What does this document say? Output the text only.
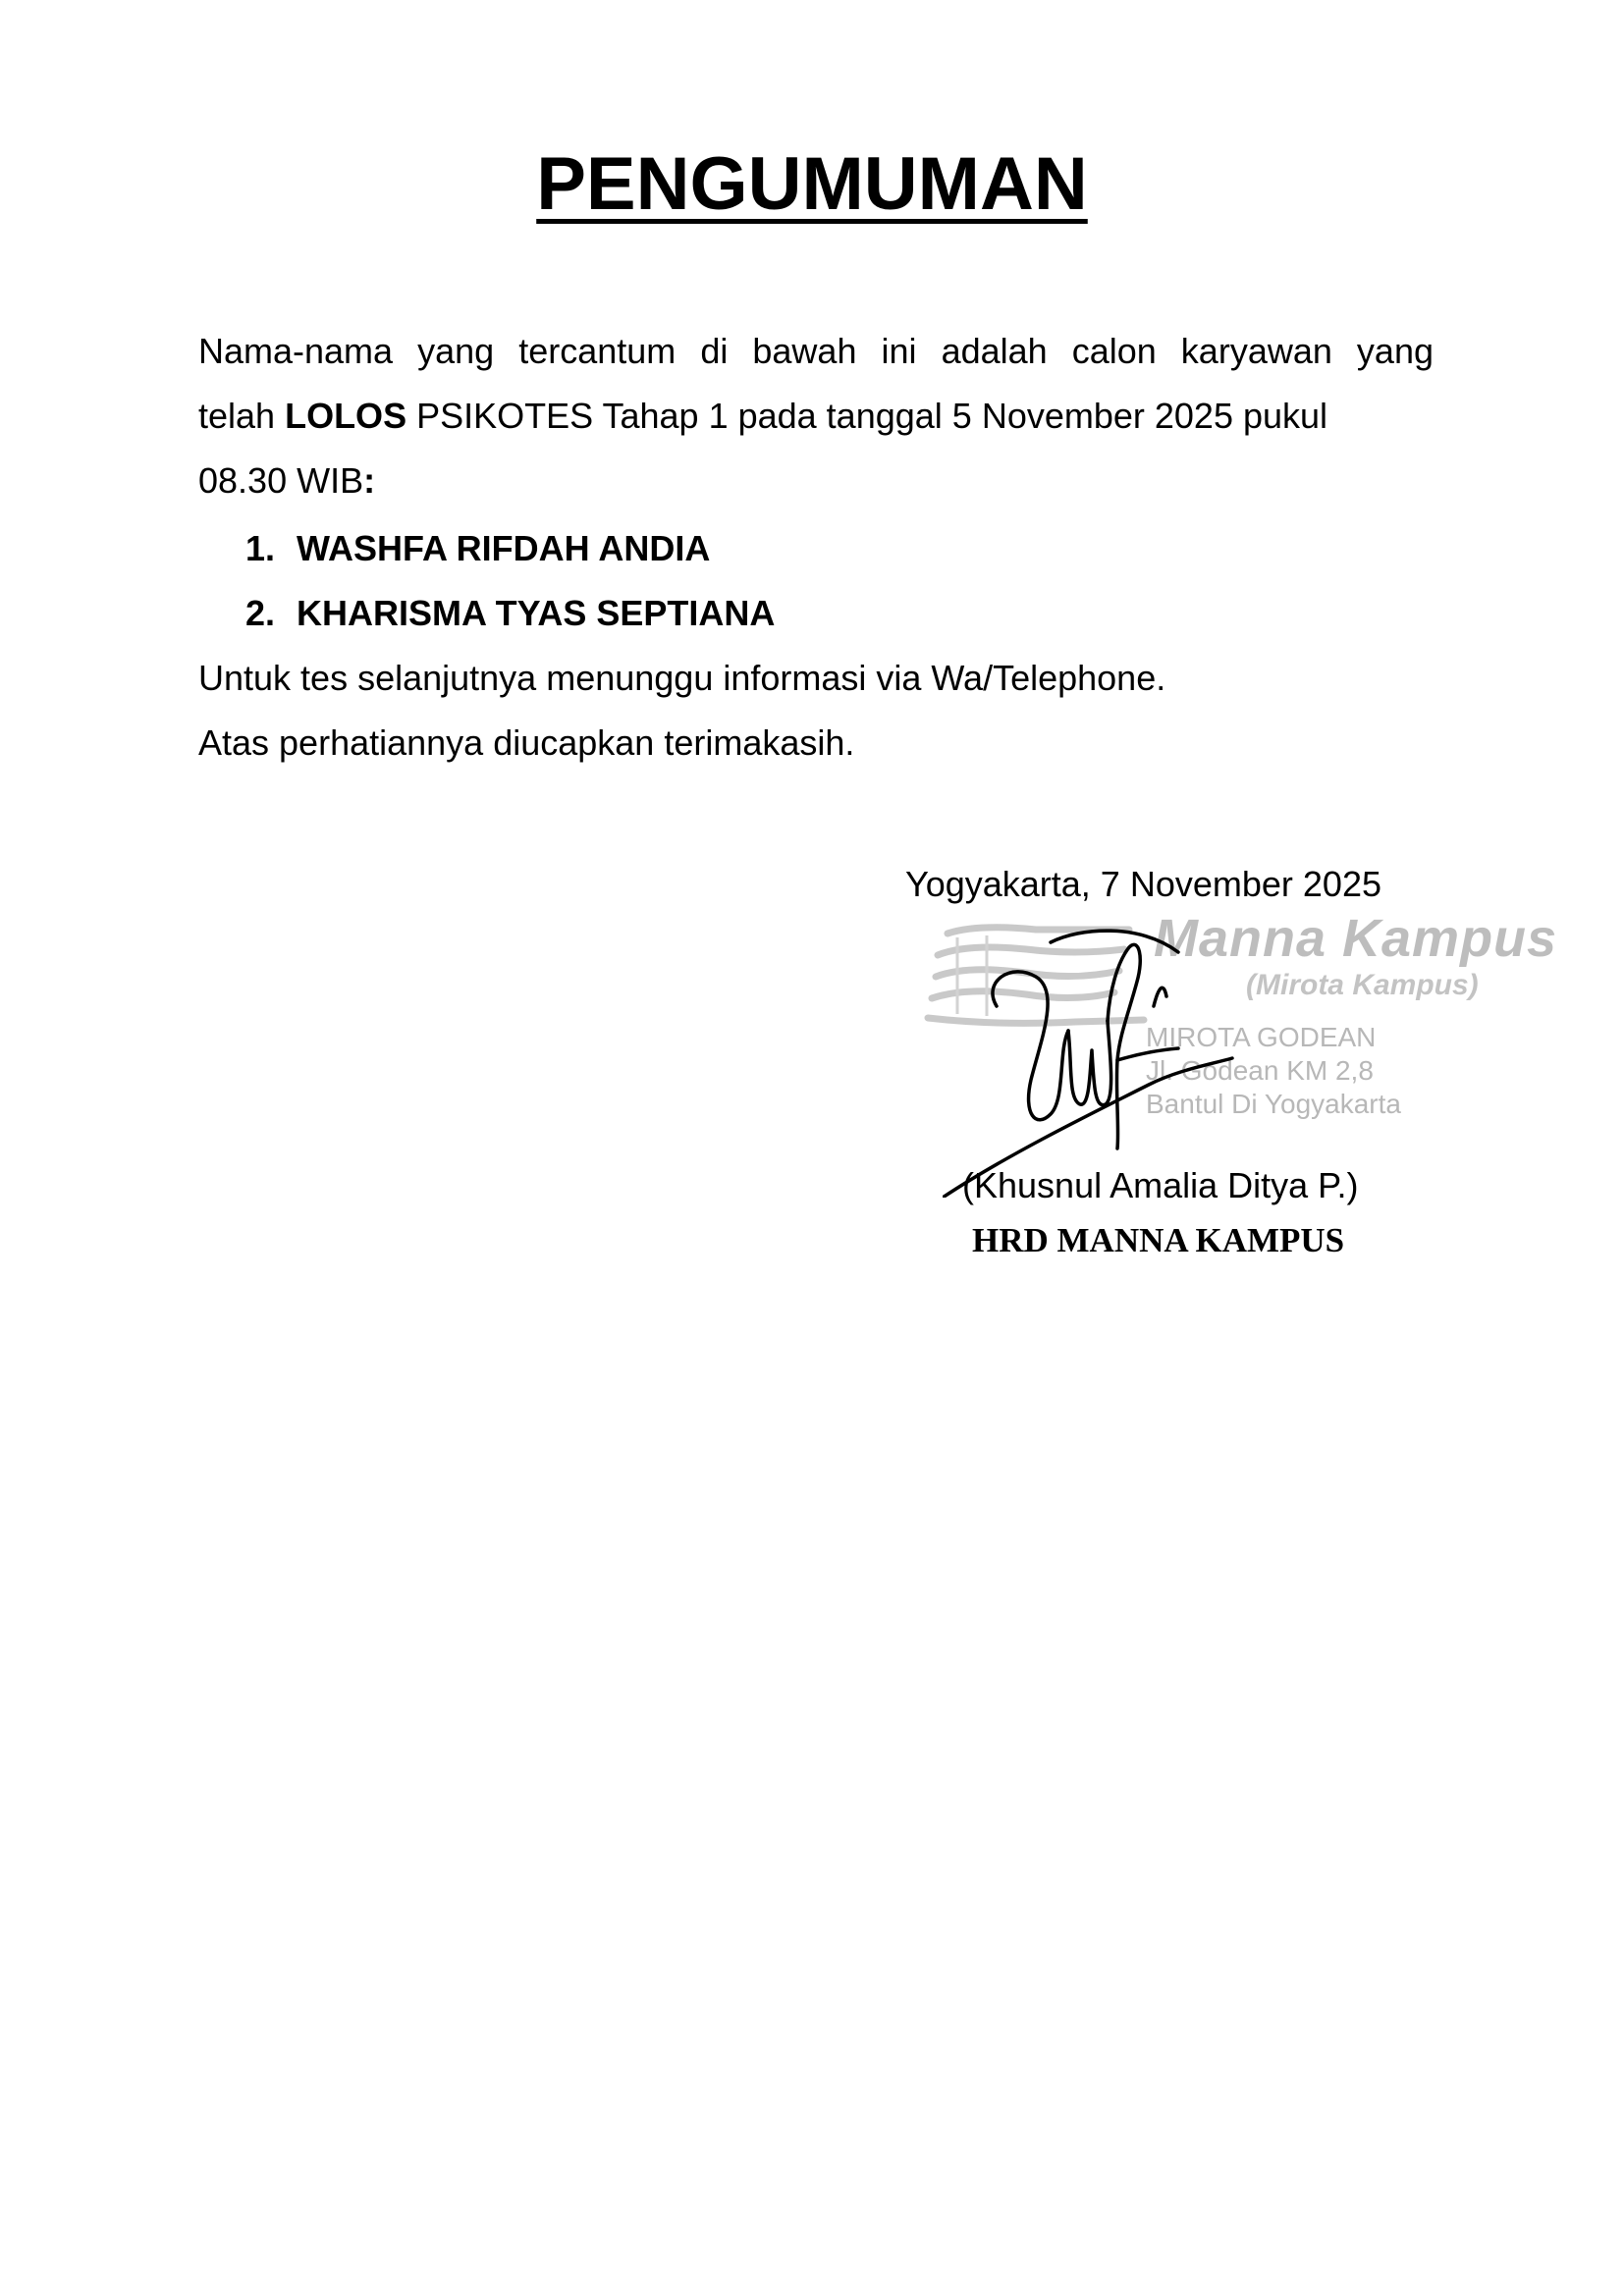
PENGUMUMAN
Nama-nama yang tercantum di bawah ini adalah calon karyawan yang
telah LOLOS PSIKOTES Tahap 1 pada tanggal 5 November 2025 pukul
08.30 WIB:
1. WASHFA RIFDAH ANDIA
2. KHARISMA TYAS SEPTIANA
Untuk tes selanjutnya menunggu informasi via Wa/Telephone.
Atas perhatiannya diucapkan terimakasih.
Yogyakarta, 7 November 2025
Manna Kampus
(Mirota Kampus)
MIROTA GODEAN
Jl. Godean KM 2,8
Bantul Di Yogyakarta
(Khusnul Amalia Ditya P.)
HRD MANNA KAMPUS
